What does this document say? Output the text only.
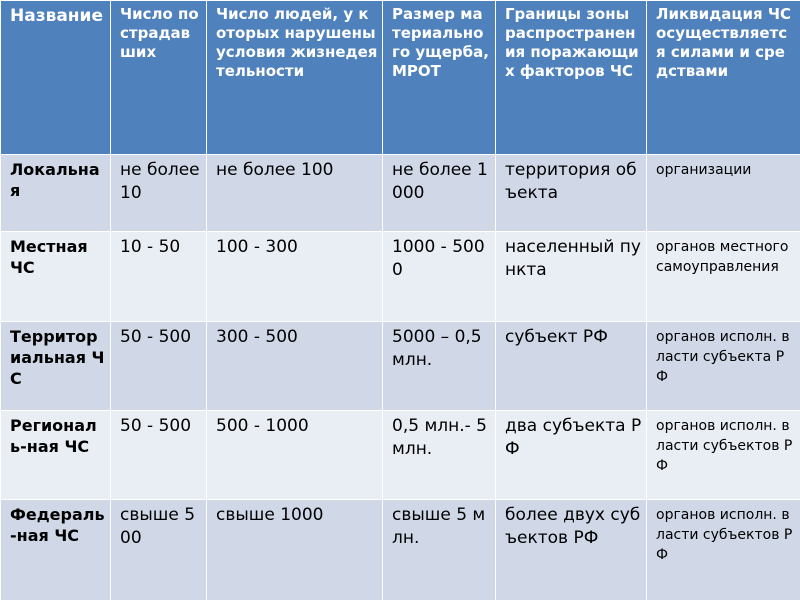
Название	Число пострадавших	Число людей, у которых нарушены условия жизнедеятельности	Размер материального ущерба, МРОТ	Границы зоны распространения поражающих факторов ЧС	Ликвидация ЧС осуществляется силами и средствами
Локальная	не более 10	не более 100	не более 1000	территория объекта	организации
Местная ЧС	10 - 50	100 - 300	1000 - 5000	населенный пункта	органов местного самоуправления
Территориальная ЧС	50 - 500	300 - 500	5000 – 0,5 млн.	субъект РФ	органов исполн. власти субъекта РФ
Региональ-ная ЧС	50 - 500	500 - 1000	0,5 млн.- 5 млн.	два субъекта РФ	органов исполн. власти субъектов РФ
Федераль-ная ЧС	свыше 500	свыше 1000	свыше 5 млн.	более двух субъектов РФ	органов исполн. власти субъектов РФ
